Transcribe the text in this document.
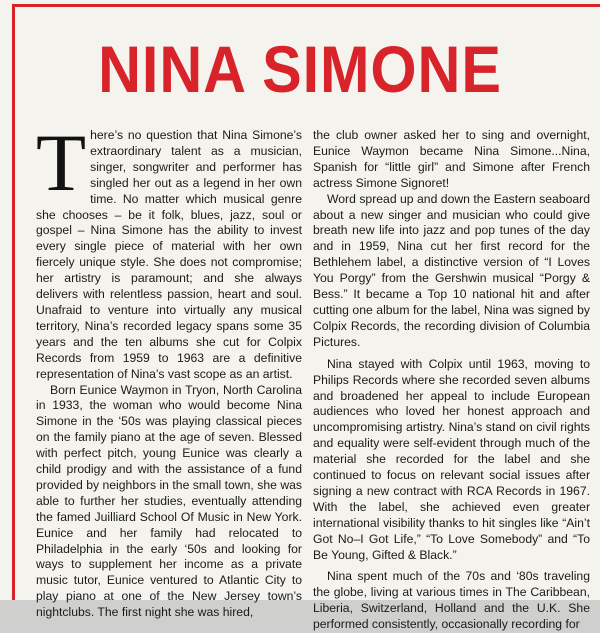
NINA SIMONE

There’s no question that Nina Simone’s extraordinary talent as a musician, singer, songwriter and performer has singled her out as a legend in her own time. No matter which musical genre she chooses – be it folk, blues, jazz, soul or gospel – Nina Simone has the ability to invest every single piece of material with her own fiercely unique style. She does not compromise; her artistry is paramount; and she always delivers with relentless passion, heart and soul. Unafraid to venture into virtually any musical territory, Nina’s recorded legacy spans some 35 years and the ten albums she cut for Colpix Records from 1959 to 1963 are a definitive representation of Nina’s vast scope as an artist.

Born Eunice Waymon in Tryon, North Carolina in 1933, the woman who would become Nina Simone in the ‘50s was playing classical pieces on the family piano at the age of seven. Blessed with perfect pitch, young Eunice was clearly a child prodigy and with the assistance of a fund provided by neighbors in the small town, she was able to further her studies, eventually attending the famed Juilliard School Of Music in New York. Eunice and her family had relocated to Philadelphia in the early ‘50s and looking for ways to supplement her income as a private music tutor, Eunice ventured to Atlantic City to play piano at one of the New Jersey town’s nightclubs. The first night she was hired,

the club owner asked her to sing and overnight, Eunice Waymon became Nina Simone...Nina, Spanish for “little girl” and Simone after French actress Simone Signoret!

Word spread up and down the Eastern seaboard about a new singer and musician who could give breath new life into jazz and pop tunes of the day and in 1959, Nina cut her first record for the Bethlehem label, a distinctive version of “I Loves You Porgy” from the Gershwin musical “Porgy & Bess.” It became a Top 10 national hit and after cutting one album for the label, Nina was signed by Colpix Records, the recording division of Columbia Pictures.

Nina stayed with Colpix until 1963, moving to Philips Records where she recorded seven albums and broadened her appeal to include European audiences who loved her honest approach and uncompromising artistry. Nina’s stand on civil rights and equality were self-evident through much of the material she recorded for the label and she continued to focus on relevant social issues after signing a new contract with RCA Records in 1967. With the label, she achieved even greater international visibility thanks to hit singles like “Ain’t Got No–I Got Life,” “To Love Somebody” and “To Be Young, Gifted & Black.”

Nina spent much of the 70s and ‘80s traveling the globe, living at various times in The Caribbean, Liberia, Switzerland, Holland and the U.K. She performed consistently, occasionally recording for
